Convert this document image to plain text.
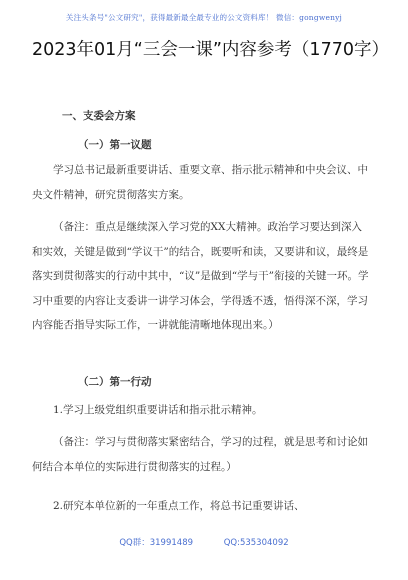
关注头条号"公文研究"，获得最新最全最专业的公文资料库！ 微信：gongwenyj
2023年01月“三会一课”内容参考（1770字）
一、支委会方案
（一）第一议题
学习总书记最新重要讲话、重要文章、指示批示精神和中央会议、中央文件精神，研究贯彻落实方案。
（备注：重点是继续深入学习党的XX大精神。政治学习要达到深入和实效，关键是做到“学议干”的结合，既要听和读，又要讲和议，最终是落实到贯彻落实的行动中其中，“议”是做到“学与干”衔接的关键一环。学习中重要的内容让支委讲一讲学习体会，学得透不透，悟得深不深，学习内容能否指导实际工作，一讲就能清晰地体现出来。）
（二）第一行动
1.学习上级党组织重要讲话和指示批示精神。
（备注：学习与贯彻落实紧密结合，学习的过程，就是思考和讨论如何结合本单位的实际进行贯彻落实的过程。）
2.研究本单位新的一年重点工作，将总书记重要讲话、
QQ群：31991489	QQ:535304092
